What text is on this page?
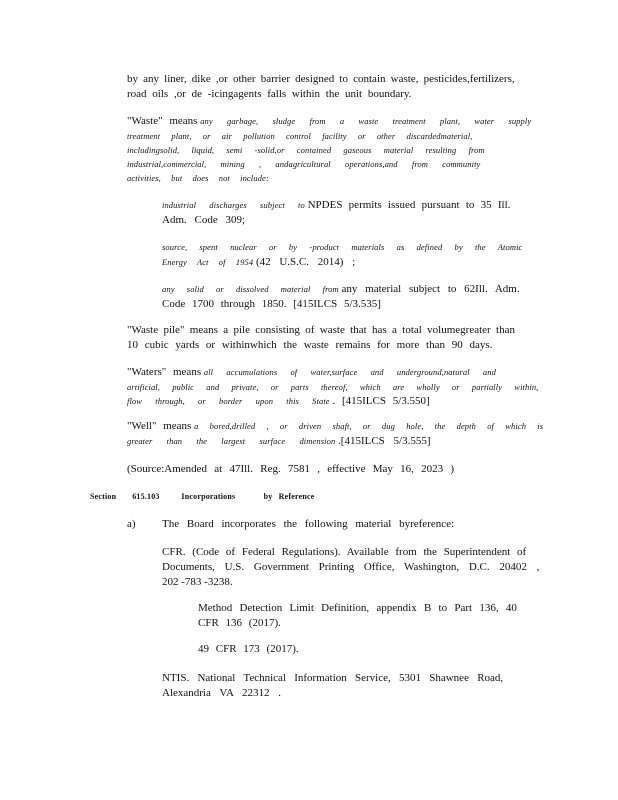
by any liner, dike ,or other barrier designed to contain waste, pesticides,fertilizers,
road oils ,or de -icingagents falls within the unit boundary.
"Waste" means any garbage, sludge from a waste treatment plant, water supply
treatment plant, or air pollution control facility or other discardedmaterial,
includingsolid, liquid, semi -solid,or contained gaseous material resulting from
industrial,commercial, mining , andagricultural operations,and from community
activities, but does not include:
industrial discharges subject to NPDES permits issued pursuant to 35 Ill.
Adm. Code 309;
source, spent nuclear or by -product materials as defined by the Atomic
Energy Act of 1954 (42 U.S.C. 2014) ;
any solid or dissolved material from any material subject to 62Ill. Adm.
Code 1700 through 1850. [415ILCS 5/3.535]
"Waste pile" means a pile consisting of waste that has a total volumegreater than
10 cubic yards or withinwhich the waste remains for more than 90 days.
"Waters" means all accumulations of water,surface and underground,natural and
artificial, public and private, or parts thereof, which are wholly or partially within,
flow through, or border upon this State . [415ILCS 5/3.550]
"Well" means a bored,drilled , or driven shaft, or dug hole, the depth of which is
greater than the largest surface dimension .[415ILCS 5/3.555]
(Source:Amended at 47Ill. Reg. 7581 , effective May 16, 2023 )
Section 615.103	Incorporations	by Reference
a)	The Board incorporates the following material byreference:
CFR. (Code of Federal Regulations). Available from the Superintendent of
Documents, U.S. Government Printing Office, Washington, D.C. 20402 ,
202 -783 -3238.
Method Detection Limit Definition, appendix B to Part 136, 40
CFR 136 (2017).
49 CFR 173 (2017).
NTIS. National Technical Information Service, 5301 Shawnee Road,
Alexandria VA 22312 .
